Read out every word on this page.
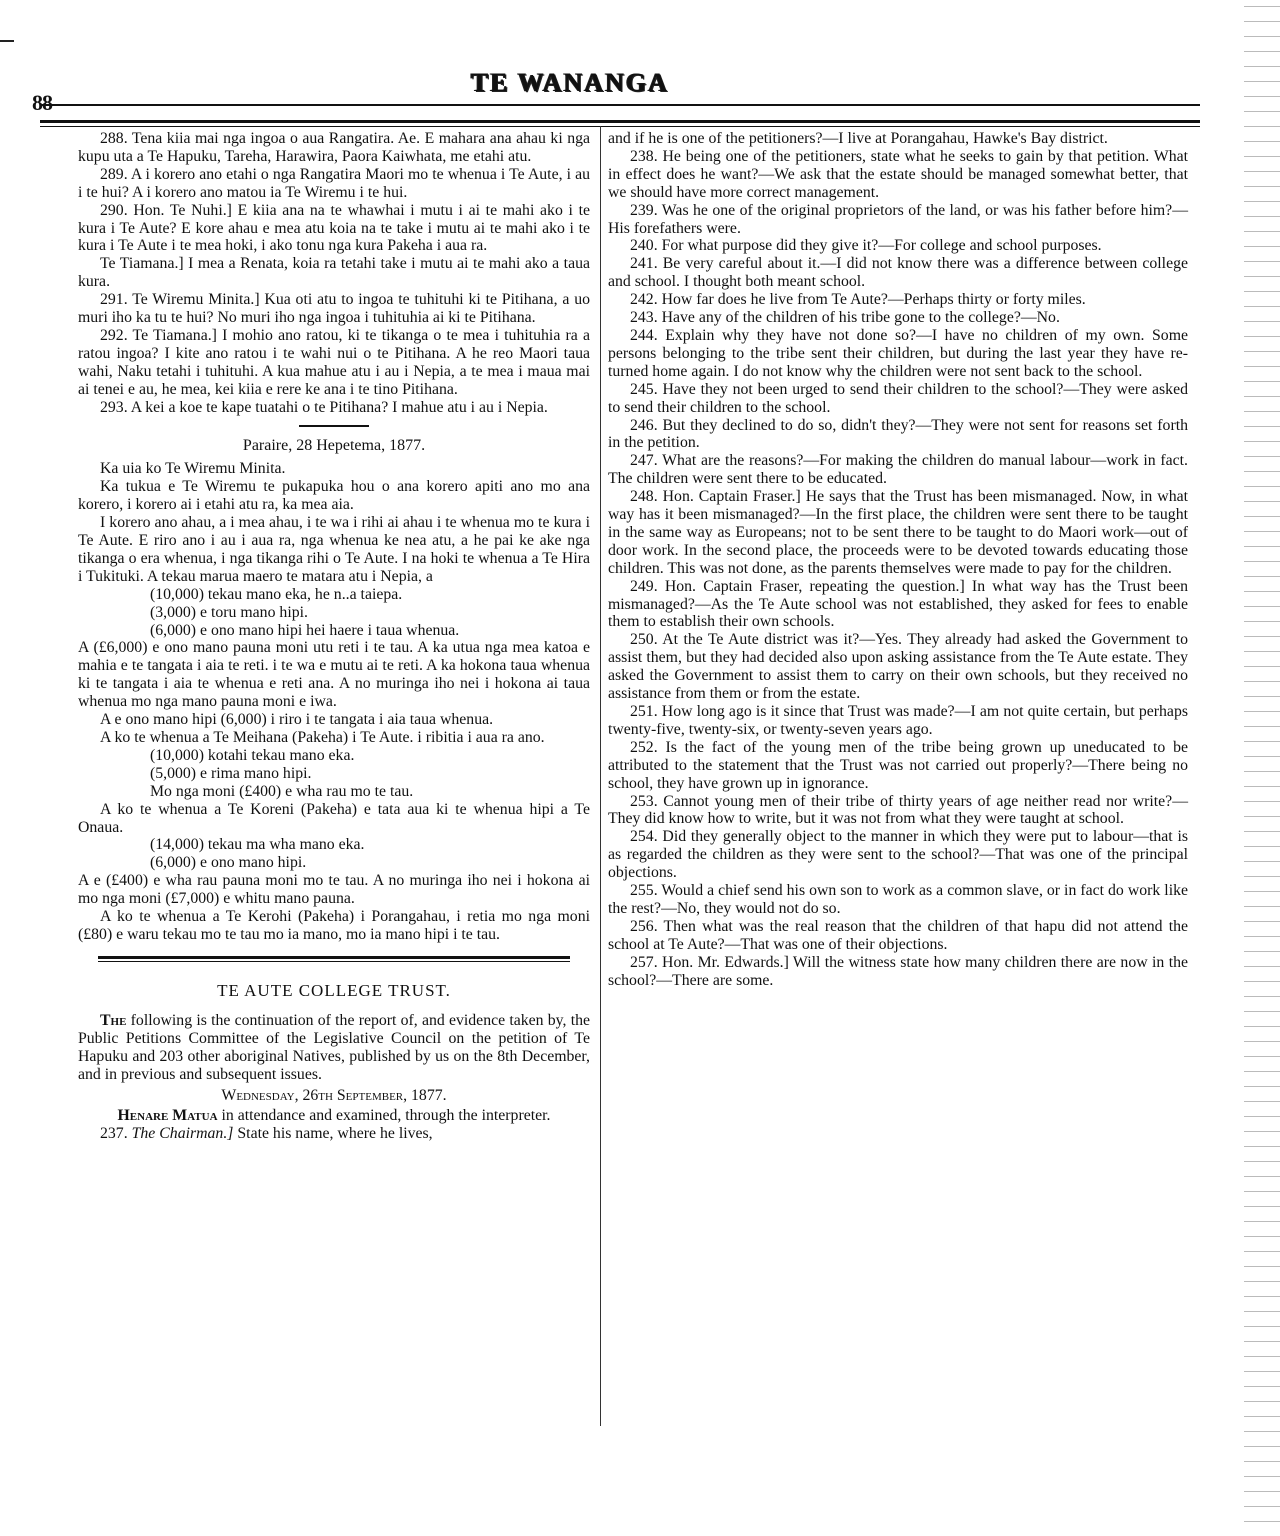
88
TE WANANGA

288. Tena kiia mai nga ingoa o aua Rangatira. Ae. E mahara ana ahau ki nga kupu uta a Te Hapuku, Tareha, Harawira, Paora Kaiwhata, me etahi atu.

289. A i korero ano etahi o nga Rangatira Maori mo te whenua i Te Aute, i au i te hui? A i korero ano matou ia Te Wiremu i te hui.

290. Hon. Te Nuhi.] E kiia ana na te whawhai i mutu i ai te mahi ako i te kura i Te Aute? E kore ahau e mea atu koia na te take i mutu ai te mahi ako i te kura i Te Aute i te mea hoki, i ako tonu nga kura Pakeha i aua ra.

Te Tiamana.] I mea a Renata, koia ra tetahi take i mutu ai te mahi ako a taua kura.

291. Te Wiremu Minita.] Kua oti atu to ingoa te tuhituhi ki te Pitihana, a uo muri iho ka tu te hui? No muri iho nga ingoa i tuhituhia ai ki te Pitihana.

292. Te Tiamana.] I mohio ano ratou, ki te tikanga o te mea i tuhituhia ra a ratou ingoa? I kite ano ratou i te wahi nui o te Pitihana. A he reo Maori taua wahi, Naku tetahi i tuhituhi. A kua mahue atu i au i Nepia, a te mea i maua mai ai tenei e au, he mea, kei kiia e rere ke ana i te tino Pitihana.

293. A kei a koe te kape tuatahi o te Pitihana? I mahue atu i au i Nepia.

Paraire, 28 Hepetema, 1877.

Ka uia ko Te Wiremu Minita.

Ka tukua e Te Wiremu te pukapuka hou o ana korero apiti ano mo ana korero, i korero ai i etahi atu ra, ka mea aia.

I korero ano ahau, a i mea ahau, i te wa i rihi ai ahau i te whenua mo te kura i Te Aute. E riro ano i au i aua ra, nga whenua ke nea atu, a he pai ke ake nga tikanga o era whenua, i nga tikanga rihi o Te Aute. I na hoki te whenua a Te Hira i Tukituki. A tekau marua maero te matara atu i Nepia, a

(10,000) tekau mano eka, he n..a taiepa.

(3,000) e toru mano hipi.

(6,000) e ono mano hipi hei haere i taua whenua.

A (£6,000) e ono mano pauna moni utu reti i te tau. A ka utua nga mea katoa e mahia e te tangata i aia te reti. i te wa e mutu ai te reti. A ka hokona taua whenua ki te tangata i aia te whenua e reti ana. A no muringa iho nei i hokona ai taua whenua mo nga mano pauna moni e iwa.

A e ono mano hipi (6,000) i riro i te tangata i aia taua whenua.

A ko te whenua a Te Meihana (Pakeha) i Te Aute. i ribitia i aua ra ano.

(10,000) kotahi tekau mano eka.

(5,000) e rima mano hipi.

Mo nga moni (£400) e wha rau mo te tau.

A ko te whenua a Te Koreni (Pakeha) e tata aua ki te whenua hipi a Te Onaua.

(14,000) tekau ma wha mano eka.

(6,000) e ono mano hipi.

A e (£400) e wha rau pauna moni mo te tau. A no muringa iho nei i hokona ai mo nga moni (£7,000) e whitu mano pauna.

A ko te whenua a Te Kerohi (Pakeha) i Porangahau, i retia mo nga moni (£80) e waru tekau mo te tau mo ia mano, mo ia mano hipi i te tau.

TE AUTE COLLEGE TRUST.

The following is the continuation of the report of, and evidence taken by, the Public Petitions Committee of the Legislative Council on the petition of Te Hapuku and 203 other aboriginal Natives, published by us on the 8th December, and in previous and subsequent issues.

Wednesday, 26th September, 1877.

Henare Matua in attendance and examined, through the interpreter.

237. The Chairman.] State his name, where he lives,

and if he is one of the petitioners?—I live at Porangahau, Hawke's Bay district.

238. He being one of the petitioners, state what he seeks to gain by that petition. What in effect does he want?—We ask that the estate should be managed somewhat better, that we should have more correct management.

239. Was he one of the original proprietors of the land, or was his father before him?—His forefathers were.

240. For what purpose did they give it?—For college and school purposes.

241. Be very careful about it.—I did not know there was a difference between college and school. I thought both meant school.

242. How far does he live from Te Aute?—Perhaps thirty or forty miles.

243. Have any of the children of his tribe gone to the college?—No.

244. Explain why they have not done so?—I have no children of my own. Some persons belonging to the tribe sent their children, but during the last year they have re-turned home again. I do not know why the children were not sent back to the school.

245. Have they not been urged to send their children to the school?—They were asked to send their children to the school.

246. But they declined to do so, didn't they?—They were not sent for reasons set forth in the petition.

247. What are the reasons?—For making the children do manual labour—work in fact. The children were sent there to be educated.

248. Hon. Captain Fraser.] He says that the Trust has been mismanaged. Now, in what way has it been mismanaged?—In the first place, the children were sent there to be taught in the same way as Europeans; not to be sent there to be taught to do Maori work—out of door work. In the second place, the proceeds were to be devoted towards educating those children. This was not done, as the parents themselves were made to pay for the children.

249. Hon. Captain Fraser, repeating the question.] In what way has the Trust been mismanaged?—As the Te Aute school was not established, they asked for fees to enable them to establish their own schools.

250. At the Te Aute district was it?—Yes. They already had asked the Government to assist them, but they had decided also upon asking assistance from the Te Aute estate. They asked the Government to assist them to carry on their own schools, but they received no assistance from them or from the estate.

251. How long ago is it since that Trust was made?—I am not quite certain, but perhaps twenty-five, twenty-six, or twenty-seven years ago.

252. Is the fact of the young men of the tribe being grown up uneducated to be attributed to the statement that the Trust was not carried out properly?—There being no school, they have grown up in ignorance.

253. Cannot young men of their tribe of thirty years of age neither read nor write?—They did know how to write, but it was not from what they were taught at school.

254. Did they generally object to the manner in which they were put to labour—that is as regarded the children as they were sent to the school?—That was one of the principal objections.

255. Would a chief send his own son to work as a common slave, or in fact do work like the rest?—No, they would not do so.

256. Then what was the real reason that the children of that hapu did not attend the school at Te Aute?—That was one of their objections.

257. Hon. Mr. Edwards.] Will the witness state how many children there are now in the school?—There are some.
